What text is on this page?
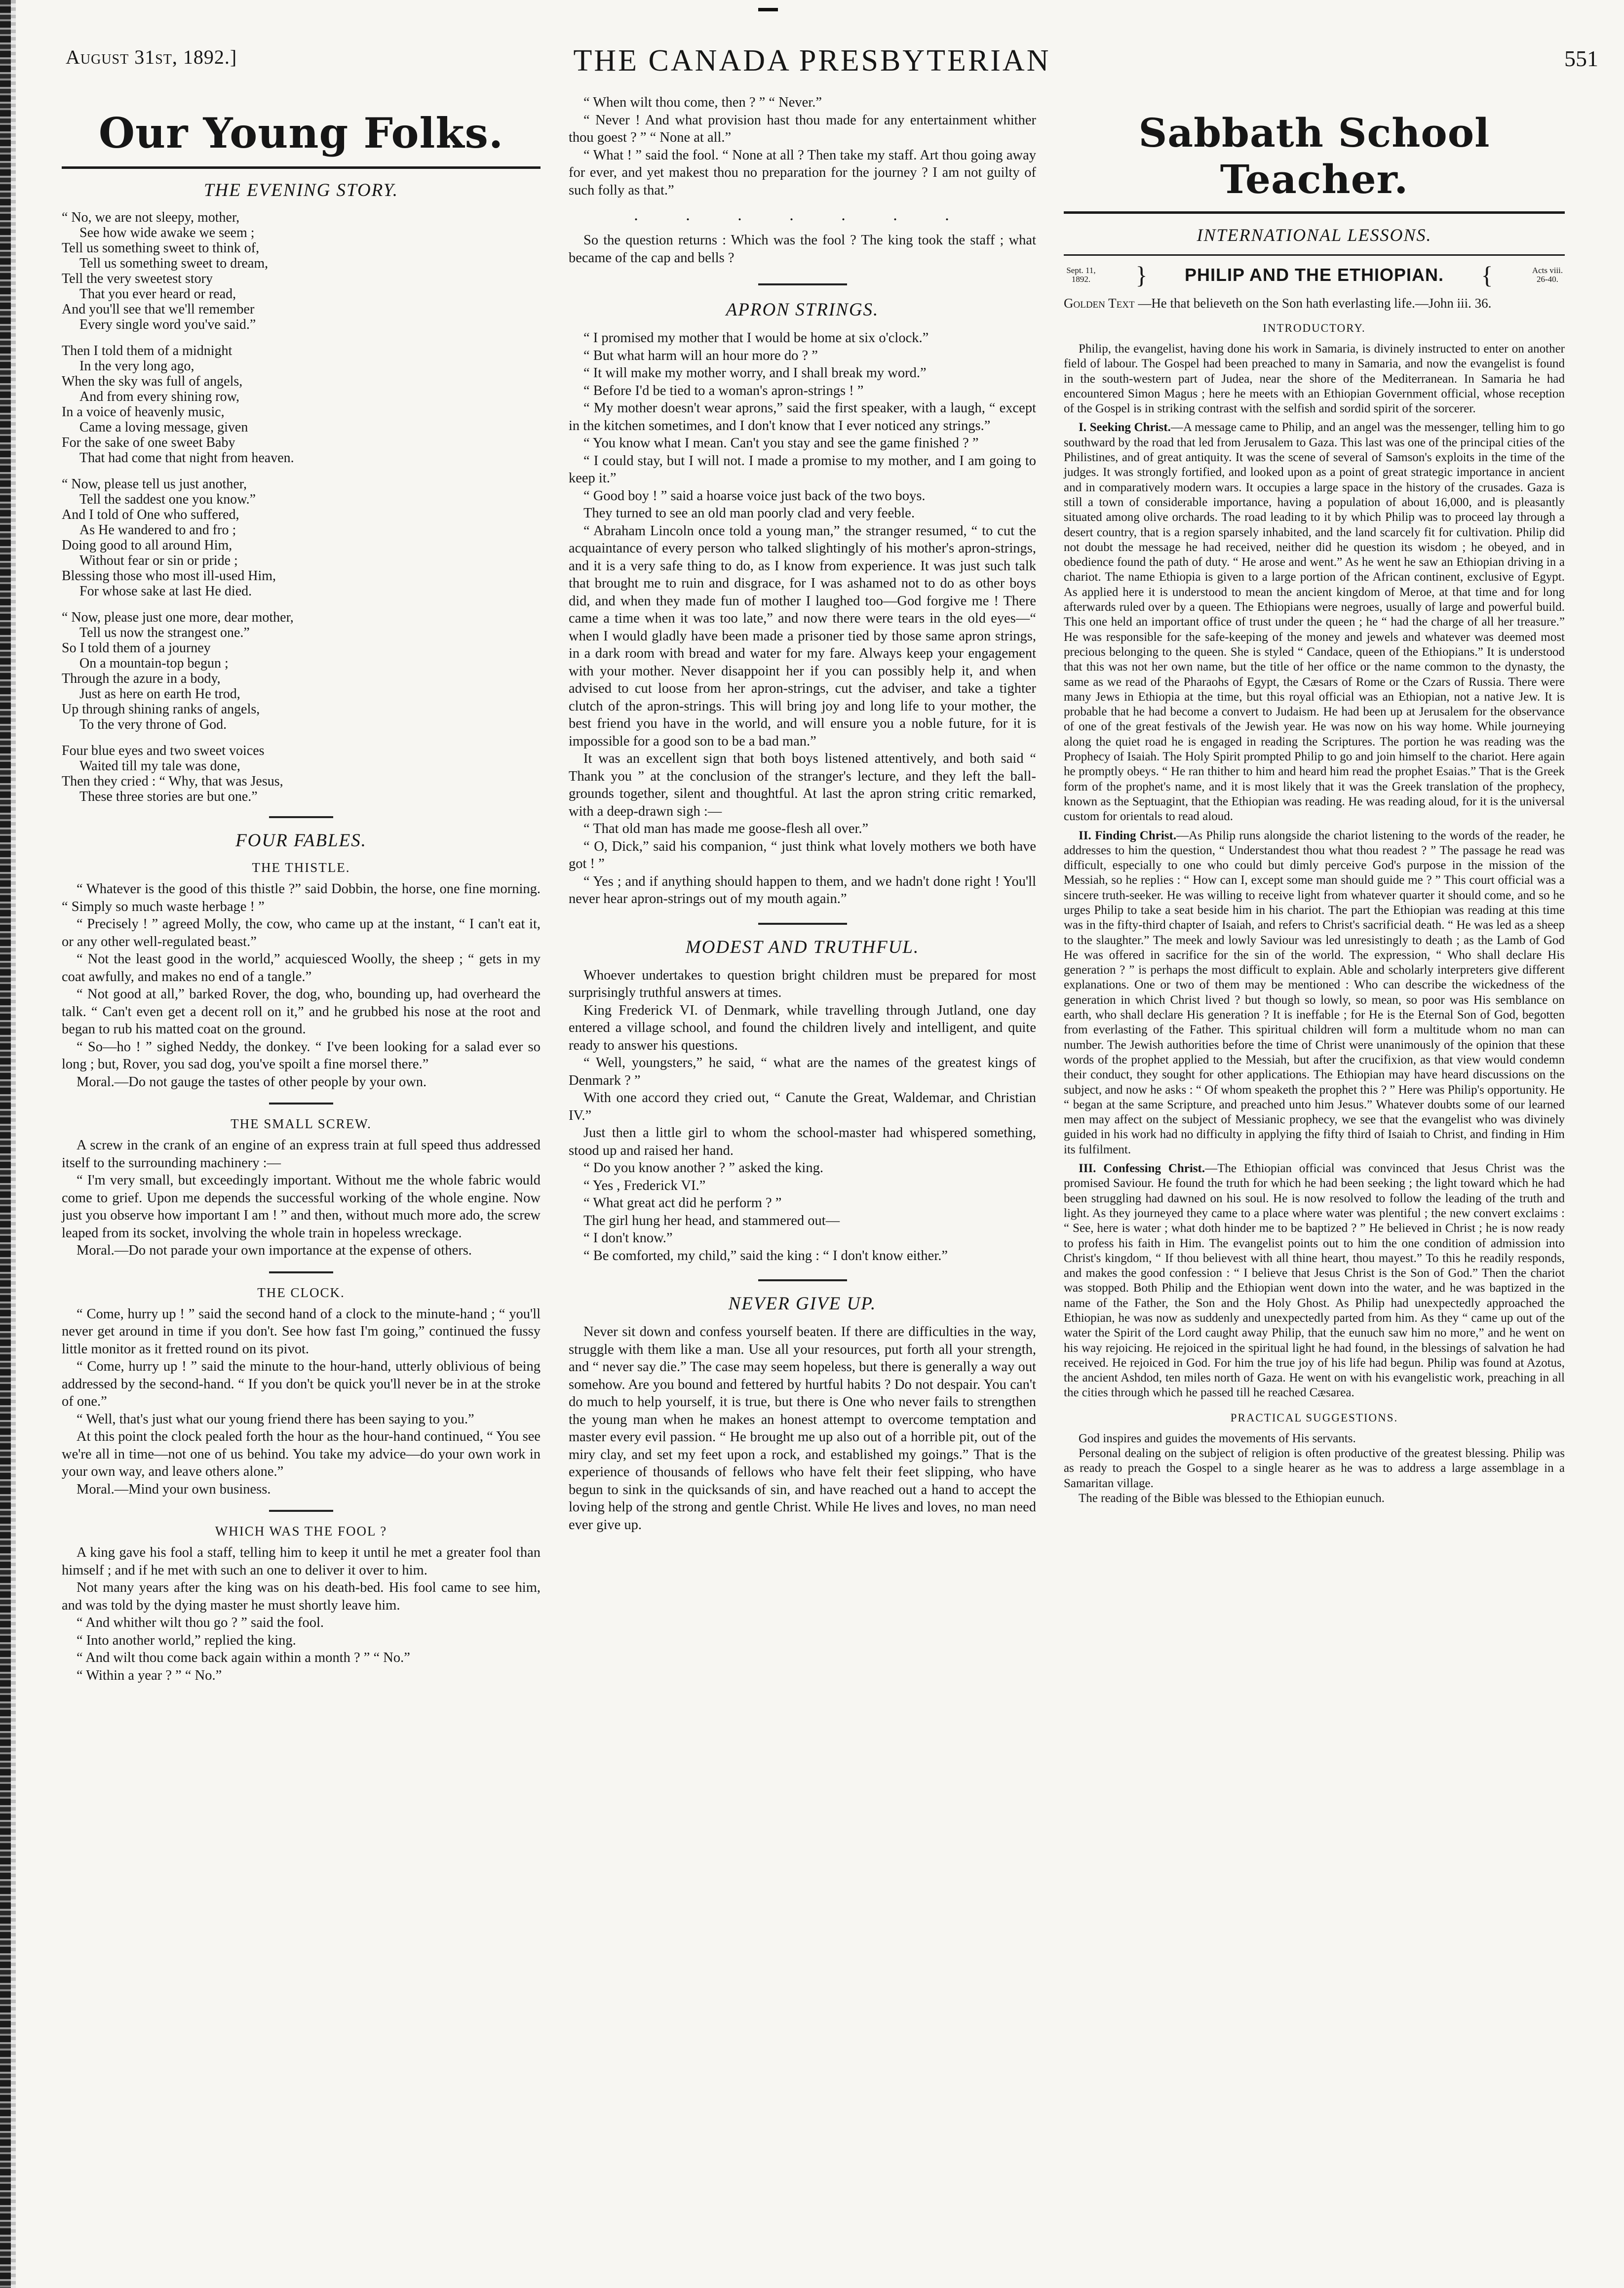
August 31st, 1892.]	THE CANADA PRESBYTERIAN	551
Our Young Folks.
THE EVENING STORY.
“ No, we are not sleepy, mother,
See how wide awake we seem ;
Tell us something sweet to think of,
Tell us something sweet to dream,
Tell the very sweetest story
That you ever heard or read,
And you'll see that we'll remember
Every single word you've said.”
Then I told them of a midnight
In the very long ago,
When the sky was full of angels,
And from every shining row,
In a voice of heavenly music,
Came a loving message, given
For the sake of one sweet Baby
That had come that night from heaven.
“ Now, please tell us just another,
Tell the saddest one you know.”
And I told of One who suffered,
As He wandered to and fro ;
Doing good to all around Him,
Without fear or sin or pride ;
Blessing those who most ill-used Him,
For whose sake at last He died.
“ Now, please just one more, dear mother,
Tell us now the strangest one.”
So I told them of a journey
On a mountain-top begun ;
Through the azure in a body,
Just as here on earth He trod,
Up through shining ranks of angels,
To the very throne of God.
Four blue eyes and two sweet voices
Waited till my tale was done,
Then they cried : “ Why, that was Jesus,
These three stories are but one.”
FOUR FABLES.
THE THISTLE.

“ Whatever is the good of this thistle ?” said Dobbin, the horse, one fine morning. “ Simply so much waste herbage ! ”

“ Precisely ! ” agreed Molly, the cow, who came up at the instant, “ I can't eat it, or any other well-regulated beast.”

“ Not the least good in the world,” acquiesced Woolly, the sheep ; “ gets in my coat awfully, and makes no end of a tangle.”

“ Not good at all,” barked Rover, the dog, who, bounding up, had overheard the talk. “ Can't even get a decent roll on it,” and he grubbed his nose at the root and began to rub his matted coat on the ground.

“ So—ho ! ” sighed Neddy, the donkey. “ I've been looking for a salad ever so long ; but, Rover, you sad dog, you've spoilt a fine morsel there.”

Moral.—Do not gauge the tastes of other people by your own.

THE SMALL SCREW.

A screw in the crank of an engine of an express train at full speed thus addressed itself to the surrounding machinery :—

“ I'm very small, but exceedingly important. Without me the whole fabric would come to grief. Upon me depends the successful working of the whole engine. Now just you observe how important I am ! ” and then, without much more ado, the screw leaped from its socket, involving the whole train in hopeless wreckage.

Moral.—Do not parade your own importance at the expense of others.

THE CLOCK.

“ Come, hurry up ! ” said the second hand of a clock to the minute-hand ; “ you'll never get around in time if you don't. See how fast I'm going,” continued the fussy little monitor as it fretted round on its pivot.

“ Come, hurry up ! ” said the minute to the hour-hand, utterly oblivious of being addressed by the second-hand. “ If you don't be quick you'll never be in at the stroke of one.”

“ Well, that's just what our young friend there has been saying to you.”

At this point the clock pealed forth the hour as the hour-hand continued, “ You see we're all in time—not one of us behind. You take my advice—do your own work in your own way, and leave others alone.”

Moral.—Mind your own business.

WHICH WAS THE FOOL ?

A king gave his fool a staff, telling him to keep it until he met a greater fool than himself ; and if he met with such an one to deliver it over to him.

Not many years after the king was on his death-bed. His fool came to see him, and was told by the dying master he must shortly leave him.

“ And whither wilt thou go ? ” said the fool.

“ Into another world,” replied the king.

“ And wilt thou come back again within a month ? ” “ No.”

“ Within a year ? ” “ No.”

“ When wilt thou come, then ? ” “ Never.”

“ Never ! And what provision hast thou made for any entertainment whither thou goest ? ” “ None at all.”

“ What ! ” said the fool. “ None at all ? Then take my staff. Art thou going away for ever, and yet makest thou no preparation for the journey ? I am not guilty of such folly as that.”

. . . . . . .

So the question returns : Which was the fool ? The king took the staff ; what became of the cap and bells ?

APRON STRINGS.

“ I promised my mother that I would be home at six o'clock.”

“ But what harm will an hour more do ? ”

“ It will make my mother worry, and I shall break my word.”

“ Before I'd be tied to a woman's apron-strings ! ”

“ My mother doesn't wear aprons,” said the first speaker, with a laugh, “ except in the kitchen sometimes, and I don't know that I ever noticed any strings.”

“ You know what I mean. Can't you stay and see the game finished ? ”

“ I could stay, but I will not. I made a promise to my mother, and I am going to keep it.”

“ Good boy ! ” said a hoarse voice just back of the two boys.

They turned to see an old man poorly clad and very feeble.

“ Abraham Lincoln once told a young man,” the stranger resumed, “ to cut the acquaintance of every person who talked slightingly of his mother's apron-strings, and it is a very safe thing to do, as I know from experience. It was just such talk that brought me to ruin and disgrace, for I was ashamed not to do as other boys did, and when they made fun of mother I laughed too—God forgive me ! There came a time when it was too late,” and now there were tears in the old eyes—“ when I would gladly have been made a prisoner tied by those same apron strings, in a dark room with bread and water for my fare. Always keep your engagement with your mother. Never disappoint her if you can possibly help it, and when advised to cut loose from her apron-strings, cut the adviser, and take a tighter clutch of the apron-strings. This will bring joy and long life to your mother, the best friend you have in the world, and will ensure you a noble future, for it is impossible for a good son to be a bad man.”

It was an excellent sign that both boys listened attentively, and both said “ Thank you ” at the conclusion of the stranger's lecture, and they left the ball-grounds together, silent and thoughtful. At last the apron string critic remarked, with a deep-drawn sigh :—

“ That old man has made me goose-flesh all over.”

“ O, Dick,” said his companion, “ just think what lovely mothers we both have got ! ”

“ Yes ; and if anything should happen to them, and we hadn't done right ! You'll never hear apron-strings out of my mouth again.”

MODEST AND TRUTHFUL.

Whoever undertakes to question bright children must be prepared for most surprisingly truthful answers at times.

King Frederick VI. of Denmark, while travelling through Jutland, one day entered a village school, and found the children lively and intelligent, and quite ready to answer his questions.

“ Well, youngsters,” he said, “ what are the names of the greatest kings of Denmark ? ”

With one accord they cried out, “ Canute the Great, Waldemar, and Christian IV.”

Just then a little girl to whom the school-master had whispered something, stood up and raised her hand.

“ Do you know another ? ” asked the king.

“ Yes , Frederick VI.”

“ What great act did he perform ? ”

The girl hung her head, and stammered out—

“ I don't know.”

“ Be comforted, my child,” said the king : “ I don't know either.”

NEVER GIVE UP.

Never sit down and confess yourself beaten. If there are difficulties in the way, struggle with them like a man. Use all your resources, put forth all your strength, and “ never say die.” The case may seem hopeless, but there is generally a way out somehow. Are you bound and fettered by hurtful habits ? Do not despair. You can't do much to help yourself, it is true, but there is One who never fails to strengthen the young man when he makes an honest attempt to overcome temptation and master every evil passion. “ He brought me up also out of a horrible pit, out of the miry clay, and set my feet upon a rock, and established my goings.” That is the experience of thousands of fellows who have felt their feet slipping, who have begun to sink in the quicksands of sin, and have reached out a hand to accept the loving help of the strong and gentle Christ. While He lives and loves, no man need ever give up.

Sabbath School Teacher.
INTERNATIONAL LESSONS.
Sept. 11,
1892.	} PHILIP AND THE ETHIOPIAN. {	Acts viii.
26-40.
Golden Text —He that believeth on the Son hath everlasting life.—John iii. 36.
INTRODUCTORY.

Philip, the evangelist, having done his work in Samaria, is divinely instructed to enter on another field of labour. The Gospel had been preached to many in Samaria, and now the evangelist is found in the south-western part of Judea, near the shore of the Mediterranean. In Samaria he had encountered Simon Magus ; here he meets with an Ethiopian Government official, whose reception of the Gospel is in striking contrast with the selfish and sordid spirit of the sorcerer.

I. Seeking Christ.—A message came to Philip, and an angel was the messenger, telling him to go southward by the road that led from Jerusalem to Gaza. This last was one of the principal cities of the Philistines, and of great antiquity. It was the scene of several of Samson's exploits in the time of the judges. It was strongly fortified, and looked upon as a point of great strategic importance in ancient and in comparatively modern wars. It occupies a large space in the history of the crusades. Gaza is still a town of considerable importance, having a population of about 16,000, and is pleasantly situated among olive orchards. The road leading to it by which Philip was to proceed lay through a desert country, that is a region sparsely inhabited, and the land scarcely fit for cultivation. Philip did not doubt the message he had received, neither did he question its wisdom ; he obeyed, and in obedience found the path of duty. “ He arose and went.” As he went he saw an Ethiopian driving in a chariot. The name Ethiopia is given to a large portion of the African continent, exclusive of Egypt. As applied here it is understood to mean the ancient kingdom of Meroe, at that time and for long afterwards ruled over by a queen. The Ethiopians were negroes, usually of large and powerful build. This one held an important office of trust under the queen ; he “ had the charge of all her treasure.” He was responsible for the safe-keeping of the money and jewels and whatever was deemed most precious belonging to the queen. She is styled “ Candace, queen of the Ethiopians.” It is understood that this was not her own name, but the title of her office or the name common to the dynasty, the same as we read of the Pharaohs of Egypt, the Cæsars of Rome or the Czars of Russia. There were many Jews in Ethiopia at the time, but this royal official was an Ethiopian, not a native Jew. It is probable that he had become a convert to Judaism. He had been up at Jerusalem for the observance of one of the great festivals of the Jewish year. He was now on his way home. While journeying along the quiet road he is engaged in reading the Scriptures. The portion he was reading was the Prophecy of Isaiah. The Holy Spirit prompted Philip to go and join himself to the chariot. Here again he promptly obeys. “ He ran thither to him and heard him read the prophet Esaias.” That is the Greek form of the prophet's name, and it is most likely that it was the Greek translation of the prophecy, known as the Septuagint, that the Ethiopian was reading. He was reading aloud, for it is the universal custom for orientals to read aloud.

II. Finding Christ.—As Philip runs alongside the chariot listening to the words of the reader, he addresses to him the question, “ Understandest thou what thou readest ? ” The passage he read was difficult, especially to one who could but dimly perceive God's purpose in the mission of the Messiah, so he replies : “ How can I, except some man should guide me ? ” This court official was a sincere truth-seeker. He was willing to receive light from whatever quarter it should come, and so he urges Philip to take a seat beside him in his chariot. The part the Ethiopian was reading at this time was in the fifty-third chapter of Isaiah, and refers to Christ's sacrificial death. “ He was led as a sheep to the slaughter.” The meek and lowly Saviour was led unresistingly to death ; as the Lamb of God He was offered in sacrifice for the sin of the world. The expression, “ Who shall declare His generation ? ” is perhaps the most difficult to explain. Able and scholarly interpreters give different explanations. One or two of them may be mentioned : Who can describe the wickedness of the generation in which Christ lived ? but though so lowly, so mean, so poor was His semblance on earth, who shall declare His generation ? It is ineffable ; for He is the Eternal Son of God, begotten from everlasting of the Father. This spiritual children will form a multitude whom no man can number. The Jewish authorities before the time of Christ were unanimously of the opinion that these words of the prophet applied to the Messiah, but after the crucifixion, as that view would condemn their conduct, they sought for other applications. The Ethiopian may have heard discussions on the subject, and now he asks : “ Of whom speaketh the prophet this ? ” Here was Philip's opportunity. He “ began at the same Scripture, and preached unto him Jesus.” Whatever doubts some of our learned men may affect on the subject of Messianic prophecy, we see that the evangelist who was divinely guided in his work had no difficulty in applying the fifty third of Isaiah to Christ, and finding in Him its fulfilment.

III. Confessing Christ.—The Ethiopian official was convinced that Jesus Christ was the promised Saviour. He found the truth for which he had been seeking ; the light toward which he had been struggling had dawned on his soul. He is now resolved to follow the leading of the truth and light. As they journeyed they came to a place where water was plentiful ; the new convert exclaims : “ See, here is water ; what doth hinder me to be baptized ? ” He believed in Christ ; he is now ready to profess his faith in Him. The evangelist points out to him the one condition of admission into Christ's kingdom, “ If thou believest with all thine heart, thou mayest.” To this he readily responds, and makes the good confession : “ I believe that Jesus Christ is the Son of God.” Then the chariot was stopped. Both Philip and the Ethiopian went down into the water, and he was baptized in the name of the Father, the Son and the Holy Ghost. As Philip had unexpectedly approached the Ethiopian, he was now as suddenly and unexpectedly parted from him. As they “ came up out of the water the Spirit of the Lord caught away Philip, that the eunuch saw him no more,” and he went on his way rejoicing. He rejoiced in the spiritual light he had found, in the blessings of salvation he had received. He rejoiced in God. For him the true joy of his life had begun. Philip was found at Azotus, the ancient Ashdod, ten miles north of Gaza. He went on with his evangelistic work, preaching in all the cities through which he passed till he reached Cæsarea.

PRACTICAL SUGGESTIONS.

God inspires and guides the movements of His servants.

Personal dealing on the subject of religion is often productive of the greatest blessing. Philip was as ready to preach the Gospel to a single hearer as he was to address a large assemblage in a Samaritan village.

The reading of the Bible was blessed to the Ethiopian eunuch.
